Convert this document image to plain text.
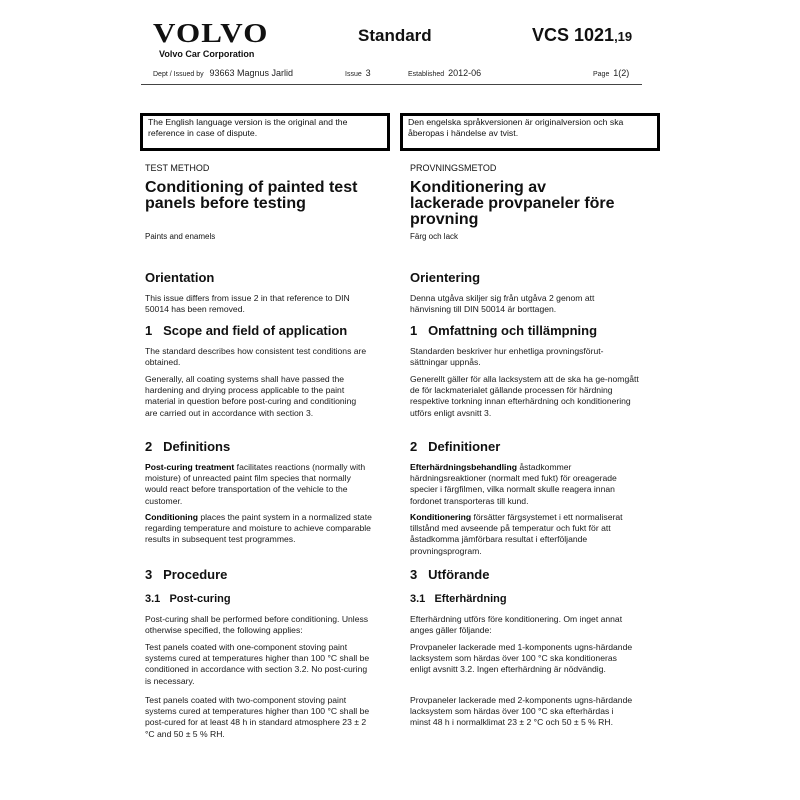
VOLVO
Volvo Car Corporation
Standard	VCS 1021,19
Dept / Issued by 93663 Magnus Jarlid	Issue 3	Established 2012-06	Page 1(2)
The English language version is the original and the reference in case of dispute.
Den engelska språkversionen är originalversion och ska åberopas i händelse av tvist.
TEST METHOD
Conditioning of painted test panels before testing
Paints and enamels
Orientation
This issue differs from issue 2 in that reference to DIN 50014 has been removed.
1   Scope and field of application
The standard describes how consistent test conditions are obtained.
Generally, all coating systems shall have passed the hardening and drying process applicable to the paint material in question before post-curing and conditioning are carried out in accordance with section 3.
2   Definitions
Post-curing treatment facilitates reactions (normally with moisture) of unreacted paint film species that normally would react before transportation of the vehicle to the customer.
Conditioning places the paint system in a normalized state regarding temperature and moisture to achieve comparable results in subsequent test programmes.
3   Procedure
3.1   Post-curing
Post-curing shall be performed before conditioning. Unless otherwise specified, the following applies:
Test panels coated with one-component stoving paint systems cured at temperatures higher than 100 °C shall be conditioned in accordance with section 3.2. No post-curing is necessary.
Test panels coated with two-component stoving paint systems cured at temperatures higher than 100 °C shall be post-cured for at least 48 h in standard atmosphere 23 ± 2 °C and 50 ± 5 % RH.
PROVNINGSMETOD
Konditionering av lackerade provpaneler före provning
Färg och lack
Orientering
Denna utgåva skiljer sig från utgåva 2 genom att hänvisning till DIN 50014 är borttagen.
1   Omfattning och tillämpning
Standarden beskriver hur enhetliga provningsförut-sättningar uppnås.
Generellt gäller för alla lacksystem att de ska ha ge-nomgått de för lackmaterialet gällande processen för härdning respektive torkning innan efterhärdning och konditionering utförs enligt avsnitt 3.
2   Definitioner
Efterhärdningsbehandling åstadkommer härdningsreaktioner (normalt med fukt) för oreagerade specier i färgfilmen, vilka normalt skulle reagera innan fordonet transporteras till kund.
Konditionering försätter färgsystemet i ett normaliserat tillstånd med avseende på temperatur och fukt för att åstadkomma jämförbara resultat i efterföljande provningsprogram.
3   Utförande
3.1   Efterhärdning
Efterhärdning utförs före konditionering. Om inget annat anges gäller följande:
Provpaneler lackerade med 1-komponents ugns-härdande lacksystem som härdas över 100 °C ska konditioneras enligt avsnitt 3.2. Ingen efterhärdning är nödvändig.
Provpaneler lackerade med 2-komponents ugns-härdande lacksystem som härdas över 100 °C ska efterhärdas i minst 48 h i normalklimat 23 ± 2 °C och 50 ± 5 % RH.
